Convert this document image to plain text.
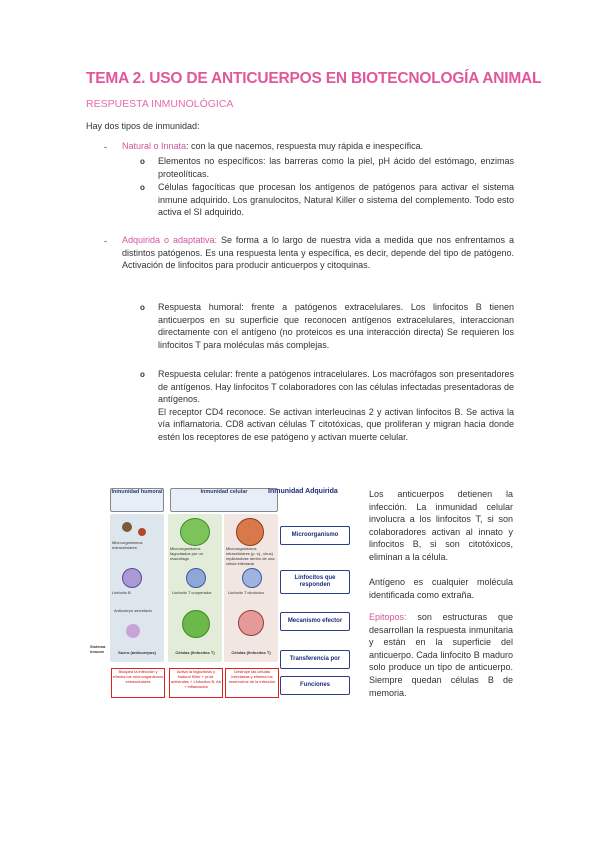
TEMA 2. USO DE ANTICUERPOS EN BIOTECNOLOGÍA ANIMAL
RESPUESTA INMUNOLÓGICA
Hay dos tipos de inmunidad:
- Natural o Innata: con la que nacemos, respuesta muy rápida e inespecífica.
o Elementos no específicos: las barreras como la piel, pH ácido del estómago, enzimas proteolíticas.
o Células fagocíticas que procesan los antígenos de patógenos para activar el sistema inmune adquirido. Los granulocitos, Natural Killer o sistema del complemento. Todo esto activa el SI adquirido.
- Adquirida o adaptativa: Se forma a lo largo de nuestra vida a medida que nos enfrentamos a distintos patógenos. Es una respuesta lenta y específica, es decir, depende del tipo de patógeno. Activación de linfocitos para producir anticuerpos y citoquinas.
o Respuesta humoral: frente a patógenos extracelulares. Los linfocitos B tienen anticuerpos en su superficie que reconocen antígenos extracelulares, interaccionan directamente con el antígeno (no proteicos es una interacción directa) Se requieren los linfocitos T para moléculas más complejas.
o Respuesta celular: frente a patógenos intracelulares. Los macrófagos son presentadores de antígenos. Hay linfocitos T colaboradores con las células infectadas presentadoras de antígenos.
El receptor CD4 reconoce. Se activan interleucinas 2 y activan linfocitos B. Se activa la vía inflamatoria. CD8 activan células T citotóxicas, que proliferan y migran hacia donde estén los receptores de ese patógeno y activan muerte celular.
Inmunidad humoral	Inmunidad celular	Inmunidad Adquirida
Microorganismos extracelulares	Microorganismos fagocitados por un macrófago
Microorganismos intracelulares (p. ej., virus) replicándose dentro de una célula infectada
Linfocito B	Linfocito T cooperador	Linfocito T citotóxico
Anticuerpo secretado
Suero (anticuerpos)	Células (linfocitos T)	Células (linfocitos T)
Sistema inmune
Bloquea la infección y elimina los microorganismos extracelulares
Activa la fagocitosis y Natural Killer + prod. antivirales + Linfocitos B, Ab + Inflamación
Destruye las células infectadas y elimina los reservorios de la infección
Microorganismo
Linfocitos que responden
Mecanismo efector
Transferencia por
Funciones
Los anticuerpos detienen la infección. La inmunidad celular involucra a los linfocitos T, si son colaboradores activan al innato y linfocitos B, si son citotóxicos, eliminan a la célula.
Antígeno es cualquier molécula identificada como extraña.
Epitopos: son estructuras que desarrollan la respuesta inmunitaria y están en la superficie del anticuerpo. Cada linfocito B maduro solo produce un tipo de anticuerpo. Siempre quedan células B de memoria.
